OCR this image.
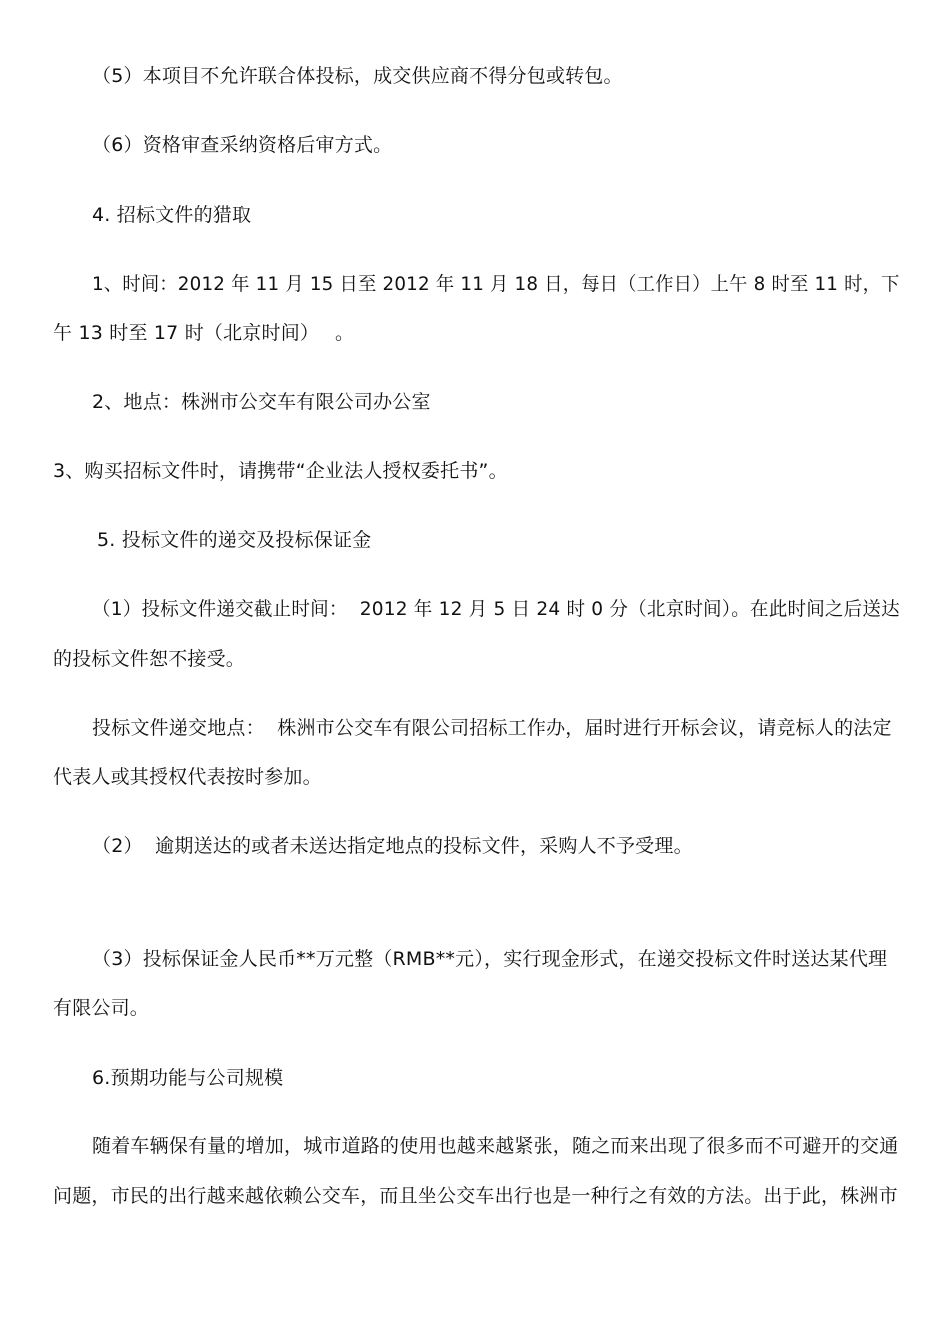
（5）本项目不允许联合体投标，成交供应商不得分包或转包。
（6）资格审查采纳资格后审方式。
4. 招标文件的猎取
1、时间：2012 年 11 月 15 日至 2012 年 11 月 18 日，每日（工作日）上午 8 时至 11 时，下
午 13 时至 17 时（北京时间）　 。
2、地点：株洲市公交车有限公司办公室
3、购买招标文件时，请携带“企业法人授权委托书”。
5. 投标文件的递交及投标保证金
（1）投标文件递交截止时间：  2012 年 12 月 5 日 24 时 0 分（北京时间）。在此时间之后送达
的投标文件恕不接受。
投标文件递交地点：  株洲市公交车有限公司招标工作办，届时进行开标会议，请竞标人的法定
代表人或其授权代表按时参加。
（2）  逾期送达的或者未送达指定地点的投标文件，采购人不予受理。
（3）投标保证金人民币**万元整（RMB**元），实行现金形式，在递交投标文件时送达某代理
有限公司。
6.预期功能与公司规模
随着车辆保有量的增加，城市道路的使用也越来越紧张，随之而来出现了很多而不可避开的交通
问题，市民的出行越来越依赖公交车，而且坐公交车出行也是一种行之有效的方法。出于此，株洲市
